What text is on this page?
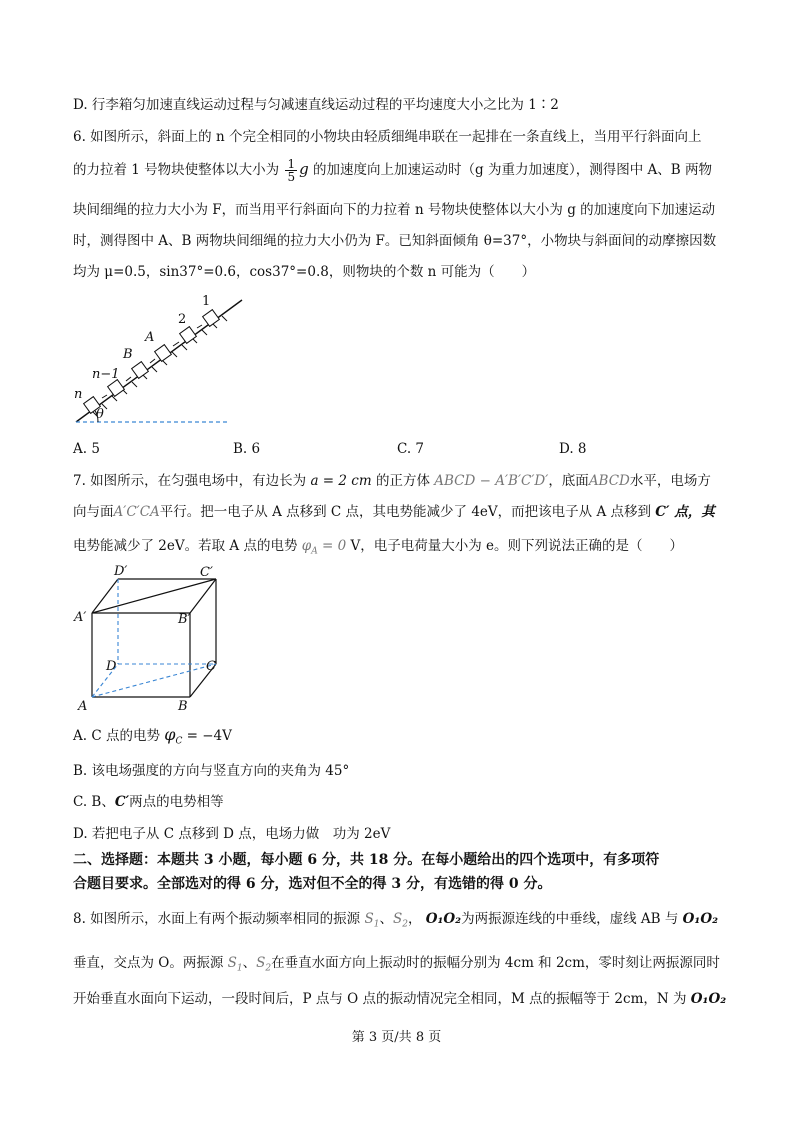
D. 行李箱匀加速直线运动过程与匀减速直线运动过程的平均速度大小之比为 1∶2
6. 如图所示，斜面上的 n 个完全相同的小物块由轻质细绳串联在一起排在一条直线上，当用平行斜面向上
的力拉着 1 号物块使整体以大小为 $\frac{1}{5}$ g 的加速度向上加速运动时（g 为重力加速度），测得图中 A、B 两物
块间细绳的拉力大小为 F，而当用平行斜面向下的力拉着 n 号物块使整体以大小为 g 的加速度向下加速运动
时，测得图中 A、B 两物块间细绳的拉力大小仍为 F。已知斜面倾角 θ=37°，小物块与斜面间的动摩擦因数
均为 μ=0.5，sin37°=0.6，cos37°=0.8，则物块的个数 n 可能为（　　）
1
2
A
B
n−1
n
θ
A. 5	B. 6	C. 7	D. 8
7. 如图所示，在匀强电场中，有边长为 a = 2 cm 的正方体 ABCD − A′B′C′D′，底面ABCD水平，电场方
向与面A′C′CA平行。把一电子从 A 点移到 C 点，其电势能减少了 4eV，而把该电子从 A 点移到 C′ 点，其
电势能减少了 2eV。若取 A 点的电势 $\varphi_A = 0$ V，电子电荷量大小为 e。则下列说法正确的是（　　）
D′	C′
A′	B′
D	C
A	B
A. C 点的电势 $\varphi_C = -4V$
B. 该电场强度的方向与竖直方向的夹角为 45°
C. B、C′两点的电势相等
D. 若把电子从 C 点移到 D 点，电场力做　功为 2eV
二、选择题：本题共 3 小题，每小题 6 分，共 18 分。在每小题给出的四个选项中，有多项符
合题目要求。全部选对的得 6 分，选对但不全的得 3 分，有选错的得 0 分。
8. 如图所示，水面上有两个振动频率相同的振源 $S_1$、$S_2$， O₁O₂为两振源连线的中垂线，虚线 AB 与 O₁O₂
垂直，交点为 O。两振源 $S_1$、$S_2$在垂直水面方向上振动时的振幅分别为 4cm 和 2cm，零时刻让两振源同时
开始垂直水面向下运动，一段时间后，P 点与 O 点的振动情况完全相同，M 点的振幅等于 2cm，N 为 O₁O₂
第 3 页/共 8 页
